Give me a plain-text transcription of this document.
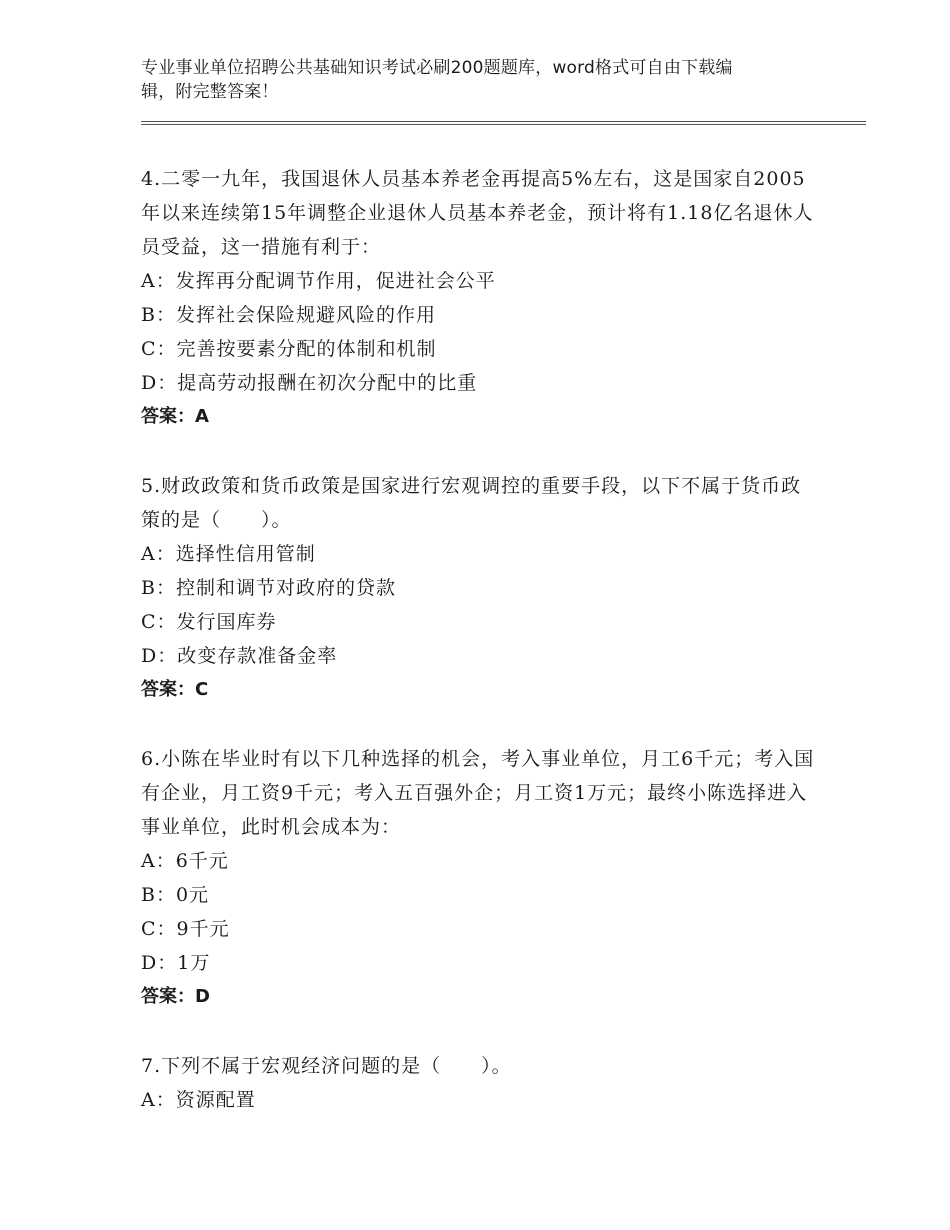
专业事业单位招聘公共基础知识考试必刷200题题库，word格式可自由下载编
辑，附完整答案！
4.二零一九年，我国退休人员基本养老金再提高5%左右，这是国家自2005年以来连续第15年调整企业退休人员基本养老金，预计将有1.18亿名退休人员受益，这一措施有利于：
A：发挥再分配调节作用，促进社会公平
B：发挥社会保险规避风险的作用
C：完善按要素分配的体制和机制
D：提高劳动报酬在初次分配中的比重
答案：A
5.财政政策和货币政策是国家进行宏观调控的重要手段，以下不属于货币政策的是（　　）。
A：选择性信用管制
B：控制和调节对政府的贷款
C：发行国库券
D：改变存款准备金率
答案：C
6.小陈在毕业时有以下几种选择的机会，考入事业单位，月工6千元；考入国有企业，月工资9千元；考入五百强外企；月工资1万元；最终小陈选择进入事业单位，此时机会成本为：
A：6千元
B：0元
C：9千元
D：1万
答案：D
7.下列不属于宏观经济问题的是（　　）。
A：资源配置
